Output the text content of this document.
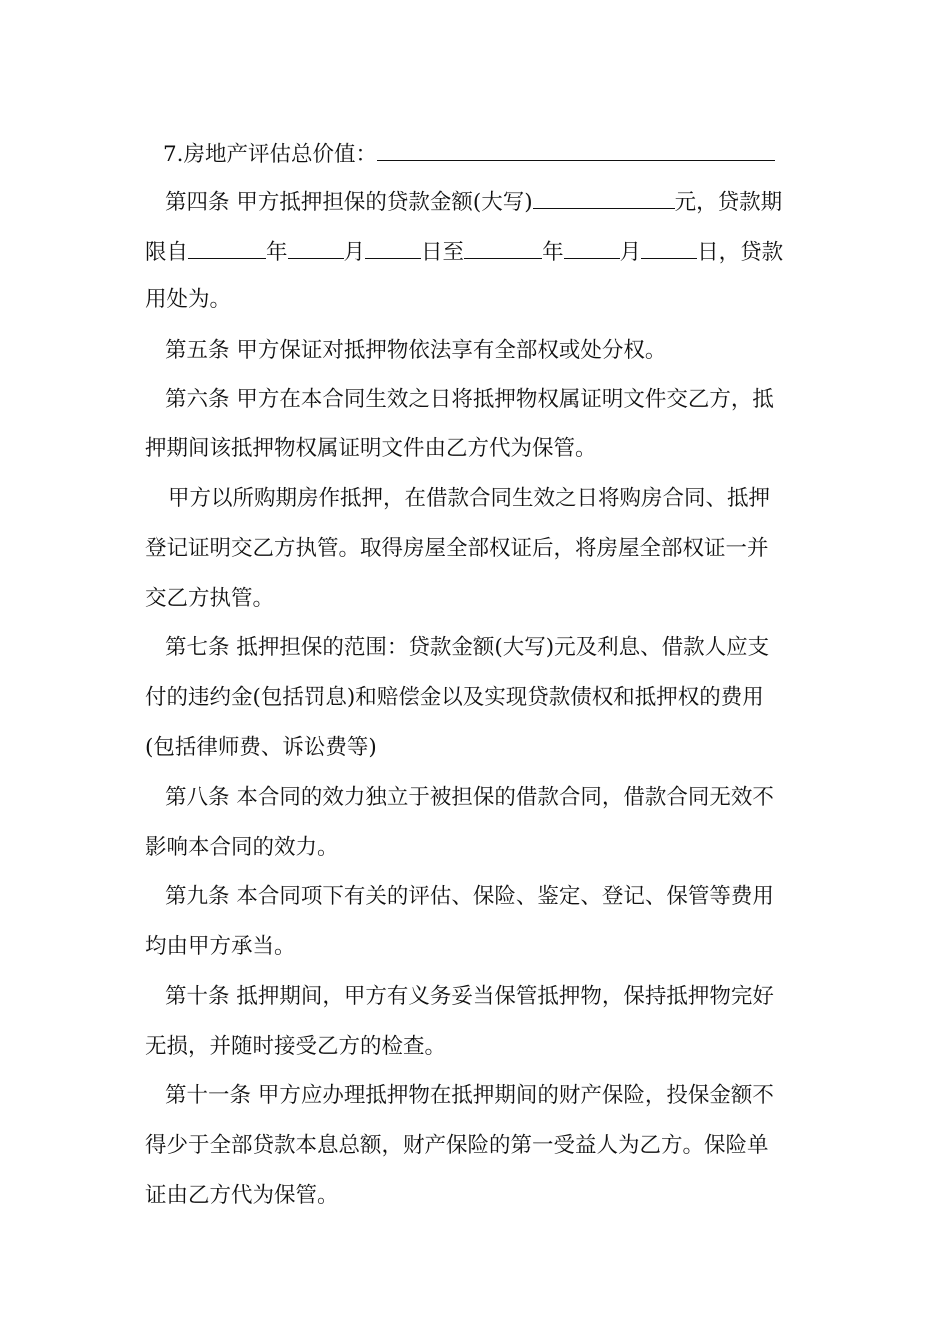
7.房地产评估总价值：
第四条 甲方抵押担保的贷款金额(大写)	元，贷款期
限自	年	月	日至	年	月	日，贷款
用处为。
第五条 甲方保证对抵押物依法享有全部权或处分权。
第六条 甲方在本合同生效之日将抵押物权属证明文件交乙方，抵
押期间该抵押物权属证明文件由乙方代为保管。
甲方以所购期房作抵押，在借款合同生效之日将购房合同、抵押
登记证明交乙方执管。取得房屋全部权证后，将房屋全部权证一并
交乙方执管。
第七条 抵押担保的范围：贷款金额(大写)元及利息、借款人应支
付的违约金(包括罚息)和赔偿金以及实现贷款债权和抵押权的费用
(包括律师费、诉讼费等)
第八条 本合同的效力独立于被担保的借款合同，借款合同无效不
影响本合同的效力。
第九条 本合同项下有关的评估、保险、鉴定、登记、保管等费用
均由甲方承当。
第十条 抵押期间，甲方有义务妥当保管抵押物，保持抵押物完好
无损，并随时接受乙方的检查。
第十一条 甲方应办理抵押物在抵押期间的财产保险，投保金额不
得少于全部贷款本息总额，财产保险的第一受益人为乙方。保险单
证由乙方代为保管。
